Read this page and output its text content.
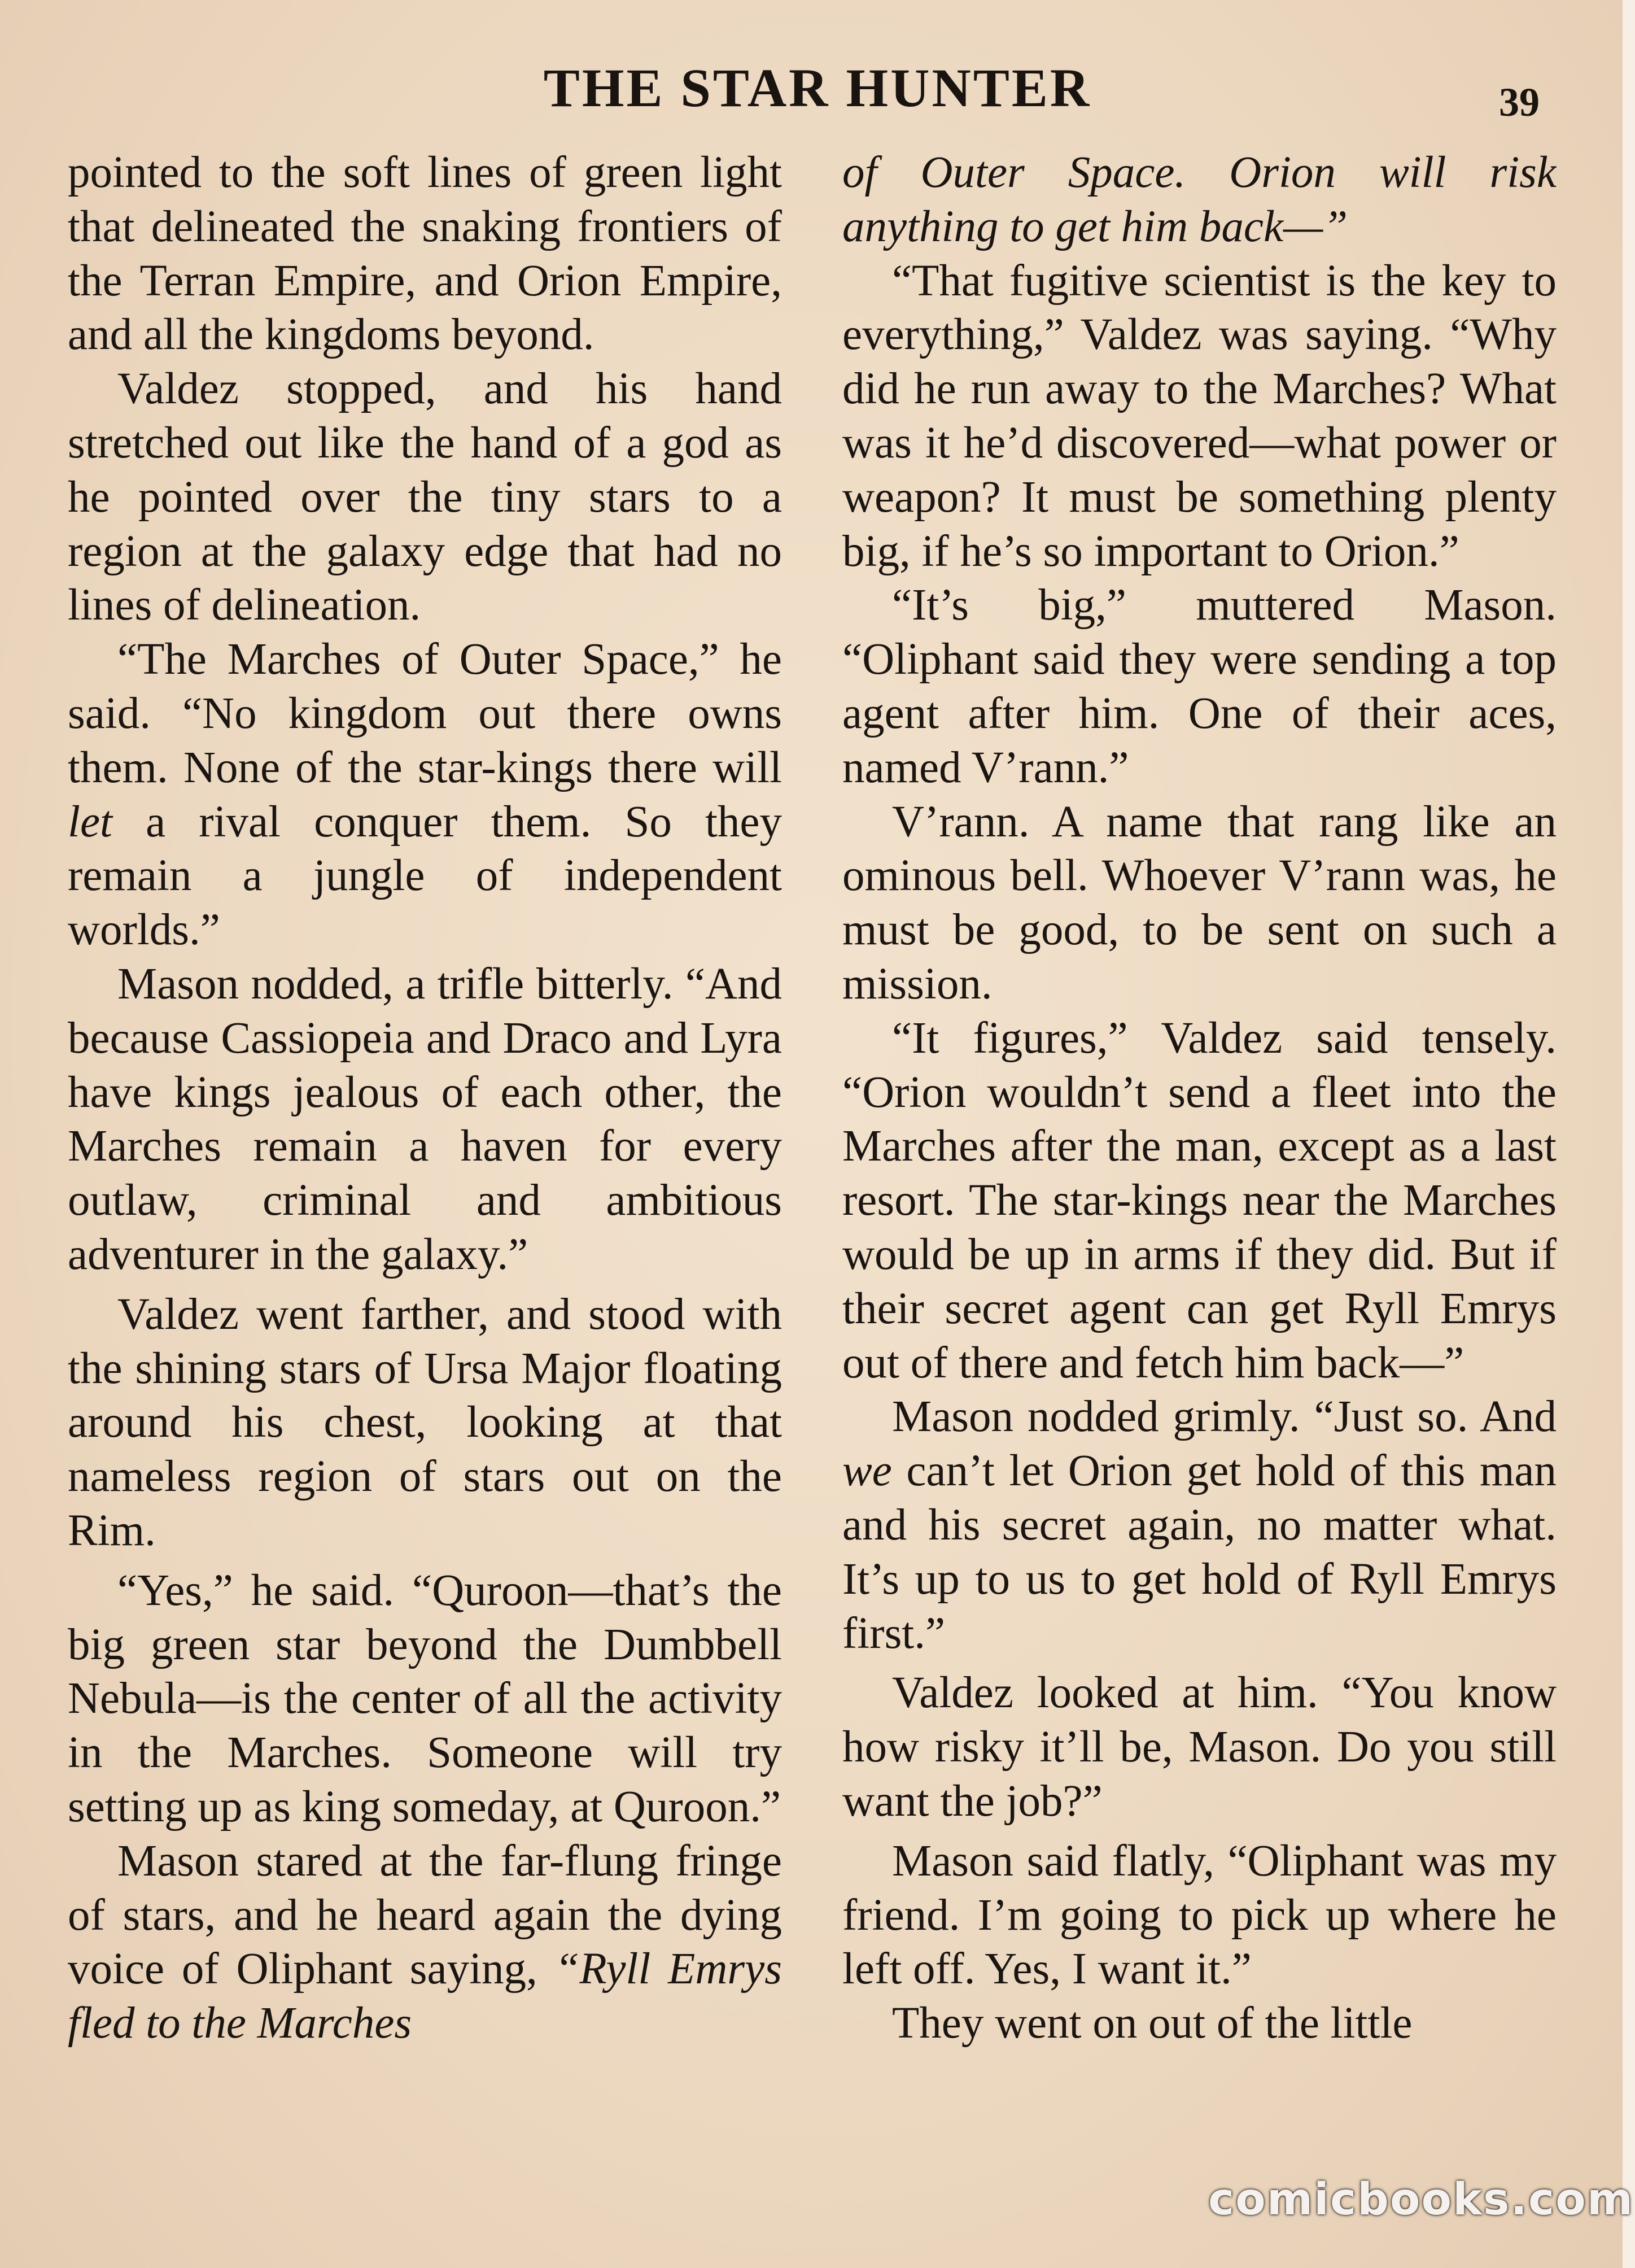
THE STAR HUNTER	39

pointed to the soft lines of green light that delineated the snaking frontiers of the Terran Empire, and Orion Empire, and all the kingdoms beyond.

Valdez stopped, and his hand stretched out like the hand of a god as he pointed over the tiny stars to a region at the galaxy edge that had no lines of delineation.

“The Marches of Outer Space,” he said. “No kingdom out there owns them. None of the star-kings there will let a rival conquer them. So they remain a jungle of independent worlds.”

Mason nodded, a trifle bitterly. “And because Cassiopeia and Draco and Lyra have kings jealous of each other, the Marches remain a haven for every outlaw, criminal and ambitious adventurer in the galaxy.”

Valdez went farther, and stood with the shining stars of Ursa Major floating around his chest, looking at that nameless region of stars out on the Rim.

“Yes,” he said. “Quroon—that’s the big green star beyond the Dumbbell Nebula—is the center of all the activity in the Marches. Someone will try setting up as king someday, at Quroon.”

Mason stared at the far-flung fringe of stars, and he heard again the dying voice of Oliphant saying, “Ryll Emrys fled to the Marches

of Outer Space. Orion will risk anything to get him back—”

“That fugitive scientist is the key to everything,” Valdez was saying. “Why did he run away to the Marches? What was it he’d discovered—what power or weapon? It must be something plenty big, if he’s so important to Orion.”

“It’s big,” muttered Mason. “Oliphant said they were sending a top agent after him. One of their aces, named V’rann.”

V’rann. A name that rang like an ominous bell. Whoever V’rann was, he must be good, to be sent on such a mission.

“It figures,” Valdez said tensely. “Orion wouldn’t send a fleet into the Marches after the man, except as a last resort. The star-kings near the Marches would be up in arms if they did. But if their secret agent can get Ryll Emrys out of there and fetch him back—”

Mason nodded grimly. “Just so. And we can’t let Orion get hold of this man and his secret again, no matter what. It’s up to us to get hold of Ryll Emrys first.”

Valdez looked at him. “You know how risky it’ll be, Mason. Do you still want the job?”

Mason said flatly, “Oliphant was my friend. I’m going to pick up where he left off. Yes, I want it.”

They went on out of the little

comicbooks.com
